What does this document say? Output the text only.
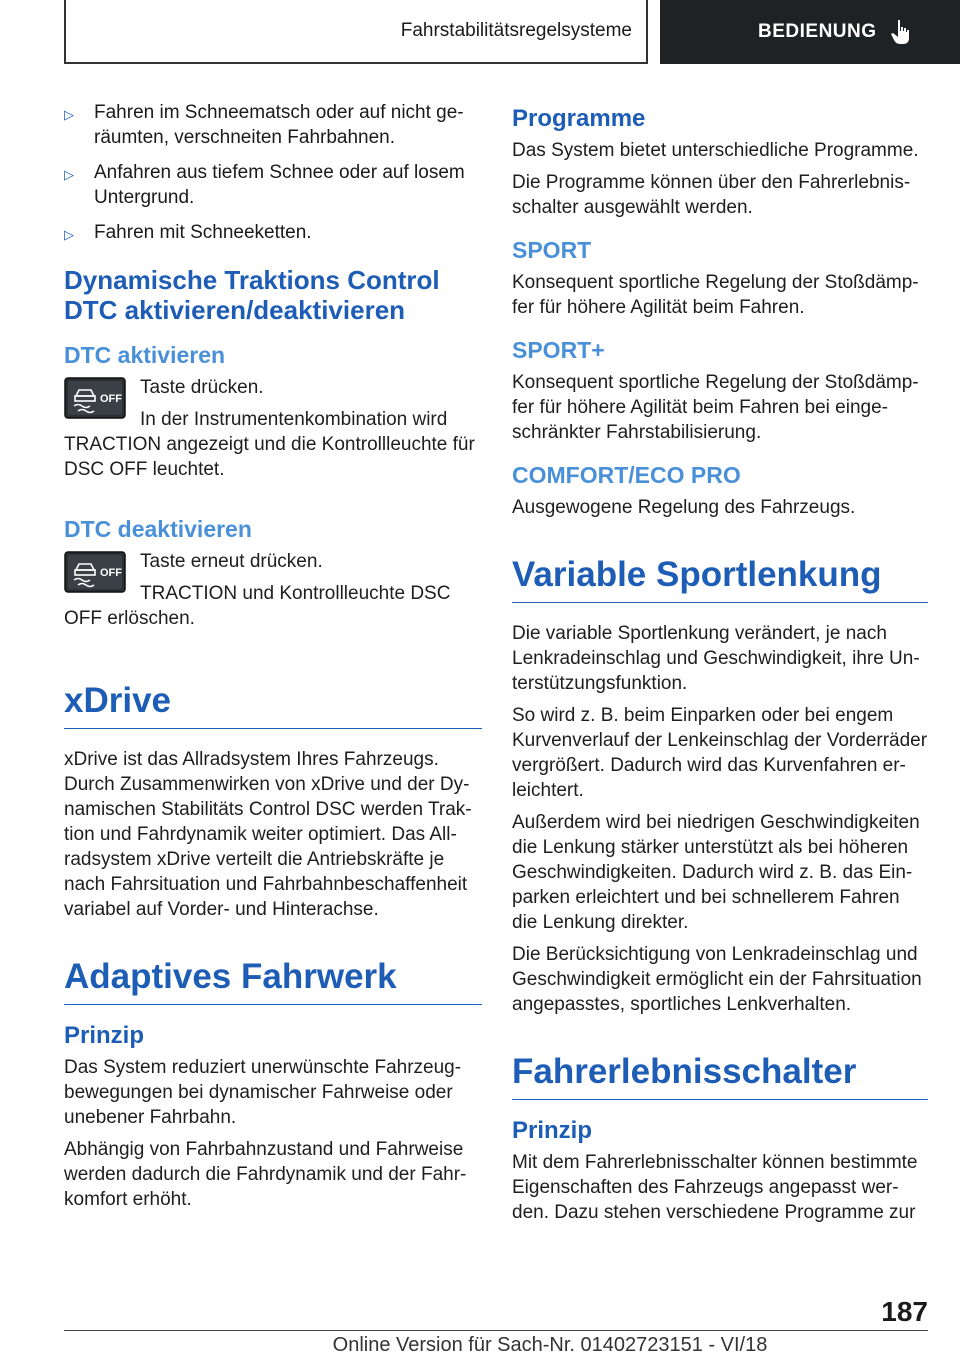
Fahrstabilitätsregelsysteme	BEDIENUNG
▷	Fahren im Schneematsch oder auf nicht ge-räumten, verschneiten Fahrbahnen.
▷	Anfahren aus tiefem Schnee oder auf losem Untergrund.
▷	Fahren mit Schneeketten.
Dynamische Traktions Control DTC aktivieren/deaktivieren
DTC aktivieren
OFF

Taste drücken.

In der Instrumentenkombination wird TRACTION angezeigt und die Kontrollleuchte für DSC OFF leuchtet.

DTC deaktivieren
OFF

Taste erneut drücken.

TRACTION und Kontrollleuchte DSC OFF erlöschen.

xDrive

xDrive ist das Allradsystem Ihres Fahrzeugs. Durch Zusammenwirken von xDrive und der Dy-namischen Stabilitäts Control DSC werden Trak-tion und Fahrdynamik weiter optimiert. Das All-radsystem xDrive verteilt die Antriebskräfte je nach Fahrsituation und Fahrbahnbeschaffenheit variabel auf Vorder- und Hinterachse.

Adaptives Fahrwerk
Prinzip

Das System reduziert unerwünschte Fahrzeug-bewegungen bei dynamischer Fahrweise oder unebener Fahrbahn.

Abhängig von Fahrbahnzustand und Fahrweise werden dadurch die Fahrdynamik und der Fahr-komfort erhöht.

Programme

Das System bietet unterschiedliche Programme.

Die Programme können über den Fahrerlebnis-schalter ausgewählt werden.

SPORT

Konsequent sportliche Regelung der Stoßdämp-fer für höhere Agilität beim Fahren.

SPORT+

Konsequent sportliche Regelung der Stoßdämp-fer für höhere Agilität beim Fahren bei einge-schränkter Fahrstabilisierung.

COMFORT/ECO PRO

Ausgewogene Regelung des Fahrzeugs.

Variable Sportlenkung

Die variable Sportlenkung verändert, je nach Lenkradeinschlag und Geschwindigkeit, ihre Un-terstützungsfunktion.

So wird z. B. beim Einparken oder bei engem Kurvenverlauf der Lenkeinschlag der Vorderräder vergrößert. Dadurch wird das Kurvenfahren er-leichtert.

Außerdem wird bei niedrigen Geschwindigkeiten die Lenkung stärker unterstützt als bei höheren Geschwindigkeiten. Dadurch wird z. B. das Ein-parken erleichtert und bei schnellerem Fahren die Lenkung direkter.

Die Berücksichtigung von Lenkradeinschlag und Geschwindigkeit ermöglicht ein der Fahrsituation angepasstes, sportliches Lenkverhalten.

Fahrerlebnisschalter
Prinzip

Mit dem Fahrerlebnisschalter können bestimmte Eigenschaften des Fahrzeugs angepasst wer-den. Dazu stehen verschiedene Programme zur

187
Online Version für Sach-Nr. 01402723151 - VI/18
